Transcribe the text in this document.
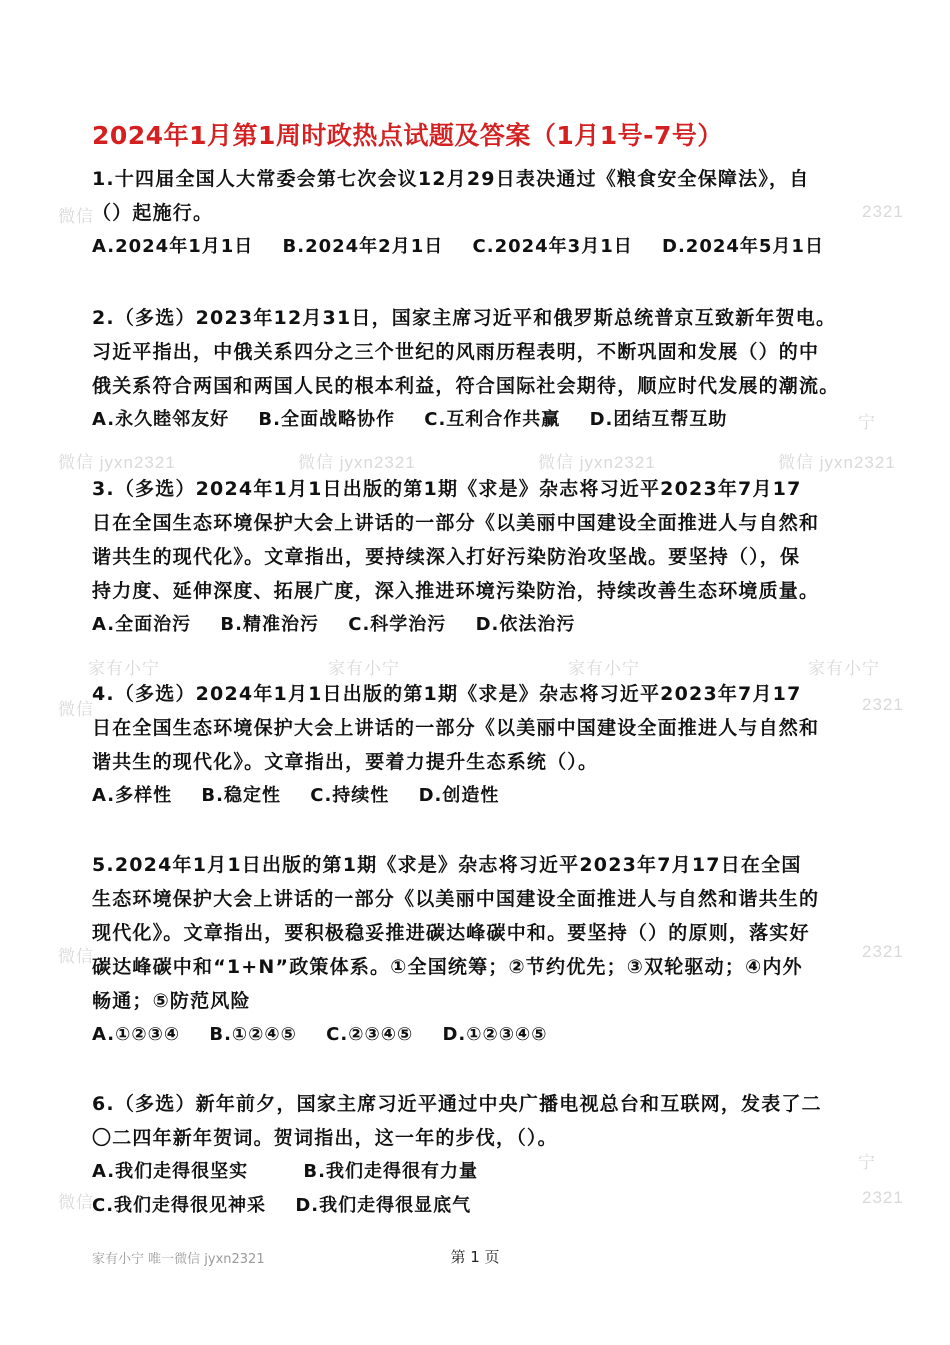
微信	2321
宁
微信 jyxn2321	微信 jyxn2321	微信 jyxn2321	微信 jyxn2321
家有小宁	家有小宁	家有小宁	家有小宁
微信	2321
微信	2321
宁
微信	2321
2024年1月第1周时政热点试题及答案（1月1号-7号）
1.十四届全国人大常委会第七次会议12月29日表决通过《粮食安全保障法》，自
（）起施行。
A.2024年1月1日 B.2024年2月1日 C.2024年3月1日 D.2024年5月1日
2.（多选）2023年12月31日，国家主席习近平和俄罗斯总统普京互致新年贺电。
习近平指出，中俄关系四分之三个世纪的风雨历程表明，不断巩固和发展（）的中
俄关系符合两国和两国人民的根本利益，符合国际社会期待，顺应时代发展的潮流。
A.永久睦邻友好 B.全面战略协作 C.互利合作共赢 D.团结互帮互助
3.（多选）2024年1月1日出版的第1期《求是》杂志将习近平2023年7月17
日在全国生态环境保护大会上讲话的一部分《以美丽中国建设全面推进人与自然和
谐共生的现代化》。文章指出，要持续深入打好污染防治攻坚战。要坚持（），保
持力度、延伸深度、拓展广度，深入推进环境污染防治，持续改善生态环境质量。
A.全面治污 B.精准治污 C.科学治污 D.依法治污
4.（多选）2024年1月1日出版的第1期《求是》杂志将习近平2023年7月17
日在全国生态环境保护大会上讲话的一部分《以美丽中国建设全面推进人与自然和
谐共生的现代化》。文章指出，要着力提升生态系统（）。
A.多样性 B.稳定性 C.持续性 D.创造性
5.2024年1月1日出版的第1期《求是》杂志将习近平2023年7月17日在全国
生态环境保护大会上讲话的一部分《以美丽中国建设全面推进人与自然和谐共生的
现代化》。文章指出，要积极稳妥推进碳达峰碳中和。要坚持（）的原则，落实好
碳达峰碳中和“1+N”政策体系。①全国统筹；②节约优先；③双轮驱动；④内外
畅通；⑤防范风险
A.①②③④ B.①②④⑤ C.②③④⑤ D.①②③④⑤
6.（多选）新年前夕，国家主席习近平通过中央广播电视总台和互联网，发表了二
〇二四年新年贺词。贺词指出，这一年的步伐，（）。
A.我们走得很坚实	B.我们走得很有力量
C.我们走得很见神采 D.我们走得很显底气
家有小宁 唯一微信 jyxn2321	第 1 页
